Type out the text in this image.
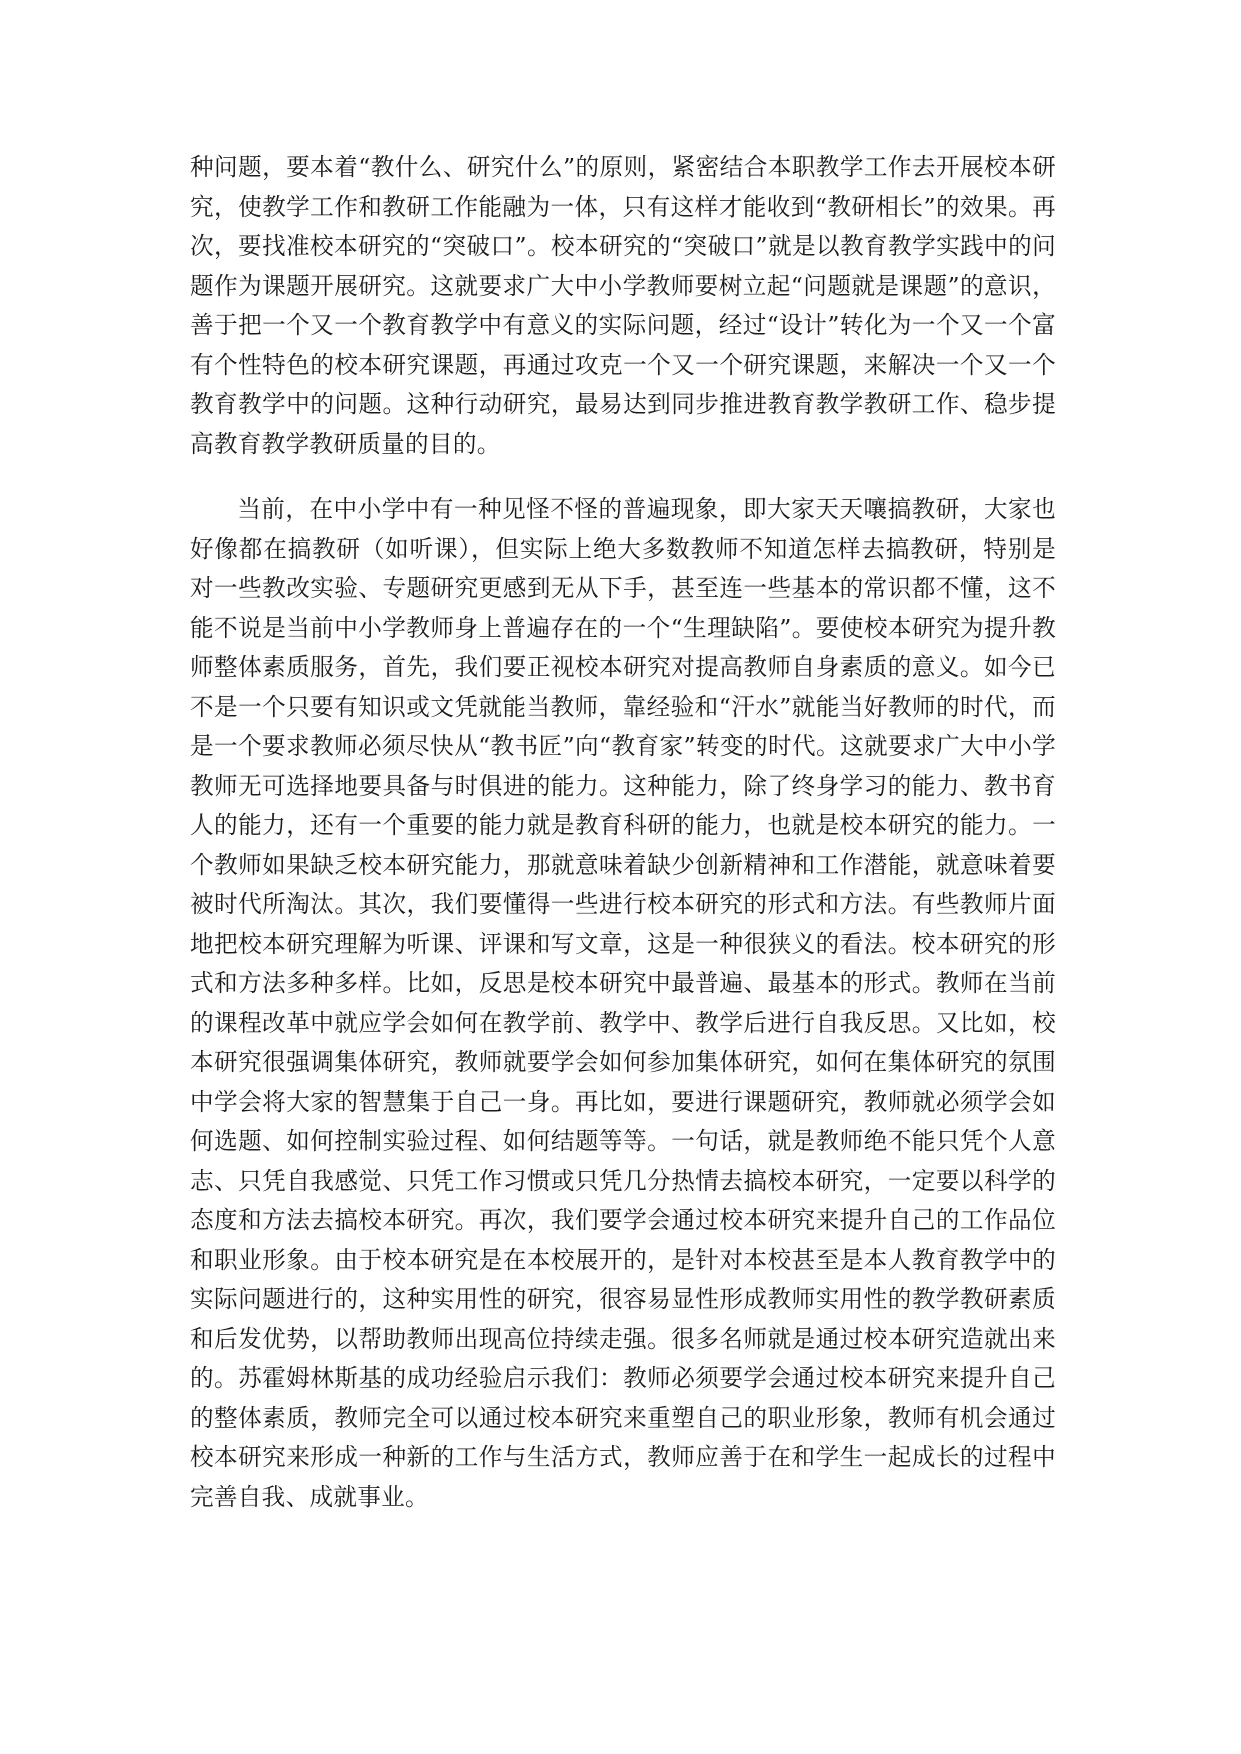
种问题，要本着“教什么、研究什么”的原则，紧密结合本职教学工作去开展校本研究，使教学工作和教研工作能融为一体，只有这样才能收到“教研相长”的效果。再次，要找准校本研究的“突破口”。校本研究的“突破口”就是以教育教学实践中的问题作为课题开展研究。这就要求广大中小学教师要树立起“问题就是课题”的意识，善于把一个又一个教育教学中有意义的实际问题，经过“设计”转化为一个又一个富有个性特色的校本研究课题，再通过攻克一个又一个研究课题，来解决一个又一个教育教学中的问题。这种行动研究，最易达到同步推进教育教学教研工作、稳步提高教育教学教研质量的目的。

当前，在中小学中有一种见怪不怪的普遍现象，即大家天天嚷搞教研，大家也好像都在搞教研（如听课），但实际上绝大多数教师不知道怎样去搞教研，特别是对一些教改实验、专题研究更感到无从下手，甚至连一些基本的常识都不懂，这不能不说是当前中小学教师身上普遍存在的一个“生理缺陷”。要使校本研究为提升教师整体素质服务，首先，我们要正视校本研究对提高教师自身素质的意义。如今已不是一个只要有知识或文凭就能当教师，靠经验和“汗水”就能当好教师的时代，而是一个要求教师必须尽快从“教书匠”向“教育家”转变的时代。这就要求广大中小学教师无可选择地要具备与时俱进的能力。这种能力，除了终身学习的能力、教书育人的能力，还有一个重要的能力就是教育科研的能力，也就是校本研究的能力。一个教师如果缺乏校本研究能力，那就意味着缺少创新精神和工作潜能，就意味着要被时代所淘汰。其次，我们要懂得一些进行校本研究的形式和方法。有些教师片面地把校本研究理解为听课、评课和写文章，这是一种很狭义的看法。校本研究的形式和方法多种多样。比如，反思是校本研究中最普遍、最基本的形式。教师在当前的课程改革中就应学会如何在教学前、教学中、教学后进行自我反思。又比如，校本研究很强调集体研究，教师就要学会如何参加集体研究，如何在集体研究的氛围中学会将大家的智慧集于自己一身。再比如，要进行课题研究，教师就必须学会如何选题、如何控制实验过程、如何结题等等。一句话，就是教师绝不能只凭个人意志、只凭自我感觉、只凭工作习惯或只凭几分热情去搞校本研究，一定要以科学的态度和方法去搞校本研究。再次，我们要学会通过校本研究来提升自己的工作品位和职业形象。由于校本研究是在本校展开的，是针对本校甚至是本人教育教学中的实际问题进行的，这种实用性的研究，很容易显性形成教师实用性的教学教研素质和后发优势，以帮助教师出现高位持续走强。很多名师就是通过校本研究造就出来的。苏霍姆林斯基的成功经验启示我们：教师必须要学会通过校本研究来提升自己的整体素质，教师完全可以通过校本研究来重塑自己的职业形象，教师有机会通过校本研究来形成一种新的工作与生活方式，教师应善于在和学生一起成长的过程中完善自我、成就事业。
